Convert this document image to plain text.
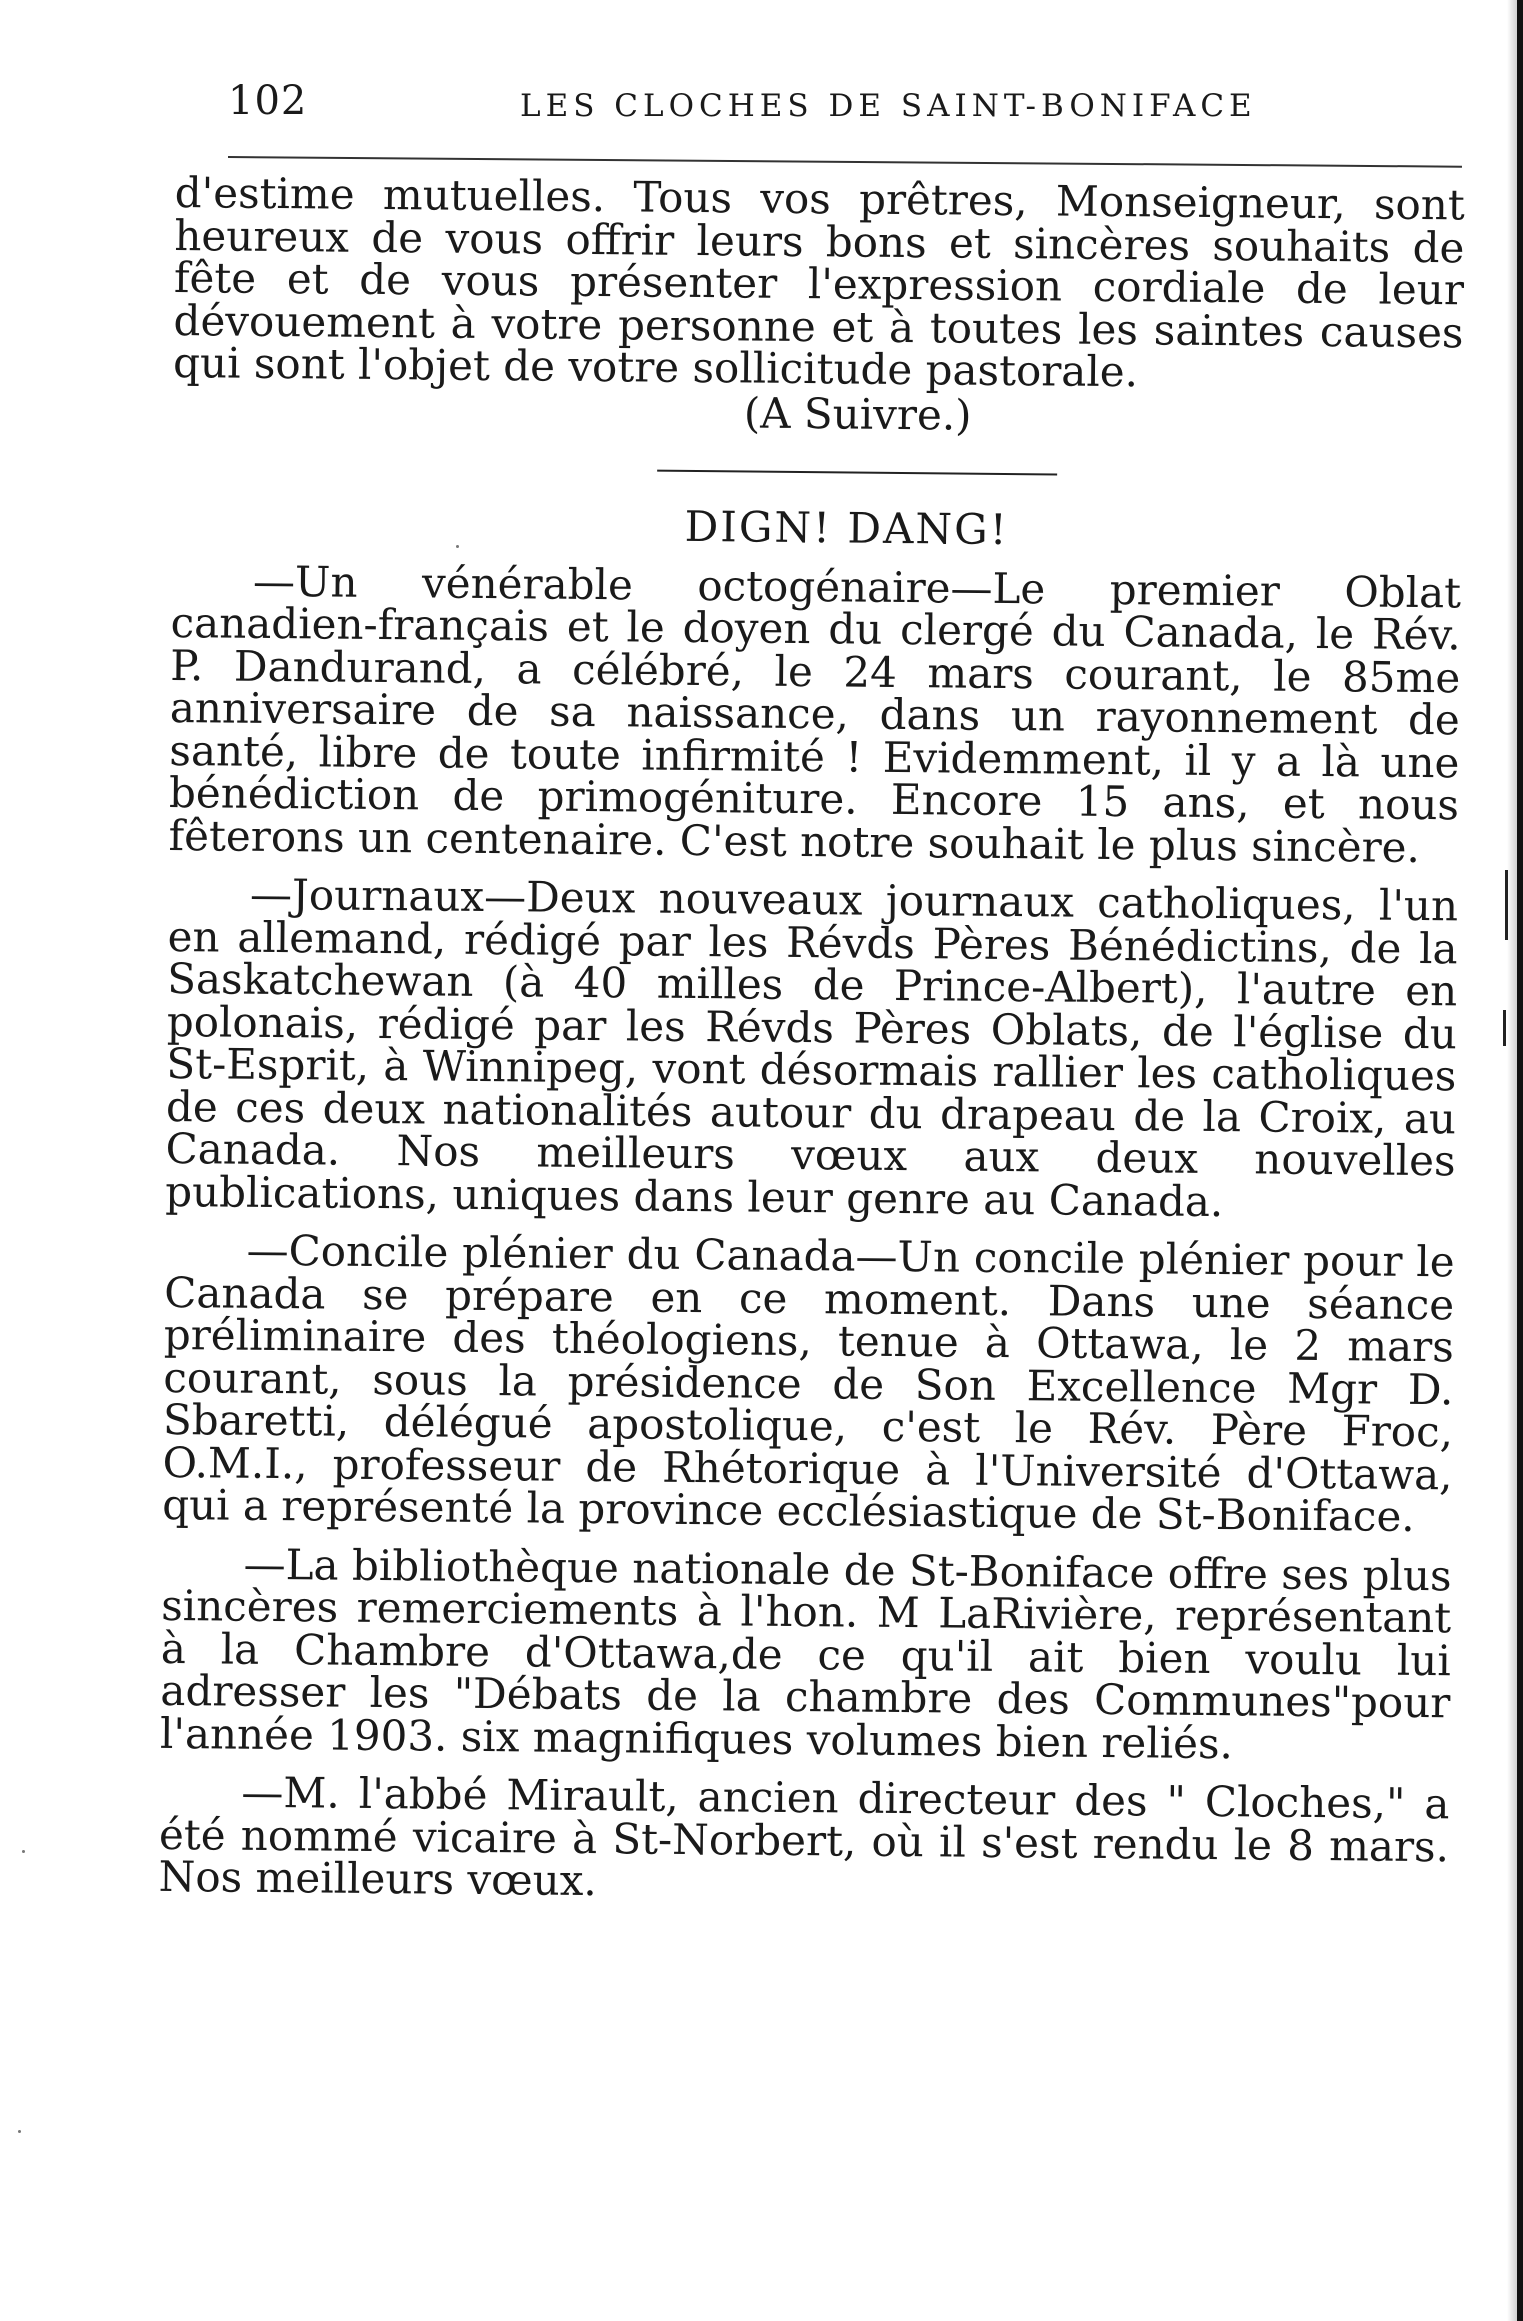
102	LES CLOCHES DE SAINT-BONIFACE

d'estime mutuelles. Tous vos prêtres, Monseigneur, sont heureux de vous offrir leurs bons et sincères souhaits de fête et de vous présenter l'expression cordiale de leur dévouement à votre personne et à toutes les saintes causes qui sont l'objet de votre sollicitude pastorale.

(A Suivre.)

DIGN! DANG!

—Un vénérable octogénaire—Le premier Oblat canadien-français et le doyen du clergé du Canada, le Rév. P. Dandurand, a célébré, le 24 mars courant, le 85me anniversaire de sa naissance, dans un rayonnement de santé, libre de toute infirmité ! Evidemment, il y a là une bénédiction de primogéniture. Encore 15 ans, et nous fêterons un centenaire. C'est notre souhait le plus sincère.

—Journaux—Deux nouveaux journaux catholiques, l'un en allemand, rédigé par les Révds Pères Bénédictins, de la Saskatchewan (à 40 milles de Prince-Albert), l'autre en polonais, rédigé par les Révds Pères Oblats, de l'église du St-Esprit, à Winnipeg, vont désormais rallier les catholiques de ces deux nationalités autour du drapeau de la Croix, au Canada. Nos meilleurs vœux aux deux nouvelles publications, uniques dans leur genre au Canada.

—Concile plénier du Canada—Un concile plénier pour le Canada se prépare en ce moment. Dans une séance préliminaire des théologiens, tenue à Ottawa, le 2 mars courant, sous la présidence de Son Excellence Mgr D. Sbaretti, délégué apostolique, c'est le Rév. Père Froc, O.M.I., professeur de Rhétorique à l'Université d'Ottawa, qui a représenté la province ecclésiastique de St-Boniface.

—La bibliothèque nationale de St-Boniface offre ses plus sincères remerciements à l'hon. M LaRivière, représentant à la Chambre d'Ottawa,de ce qu'il ait bien voulu lui adresser les "Débats de la chambre des Communes"pour l'année 1903. six magnifiques volumes bien reliés.

—M. l'abbé Mirault, ancien directeur des " Cloches," a été nommé vicaire à St-Norbert, où il s'est rendu le 8 mars. Nos meilleurs vœux.
